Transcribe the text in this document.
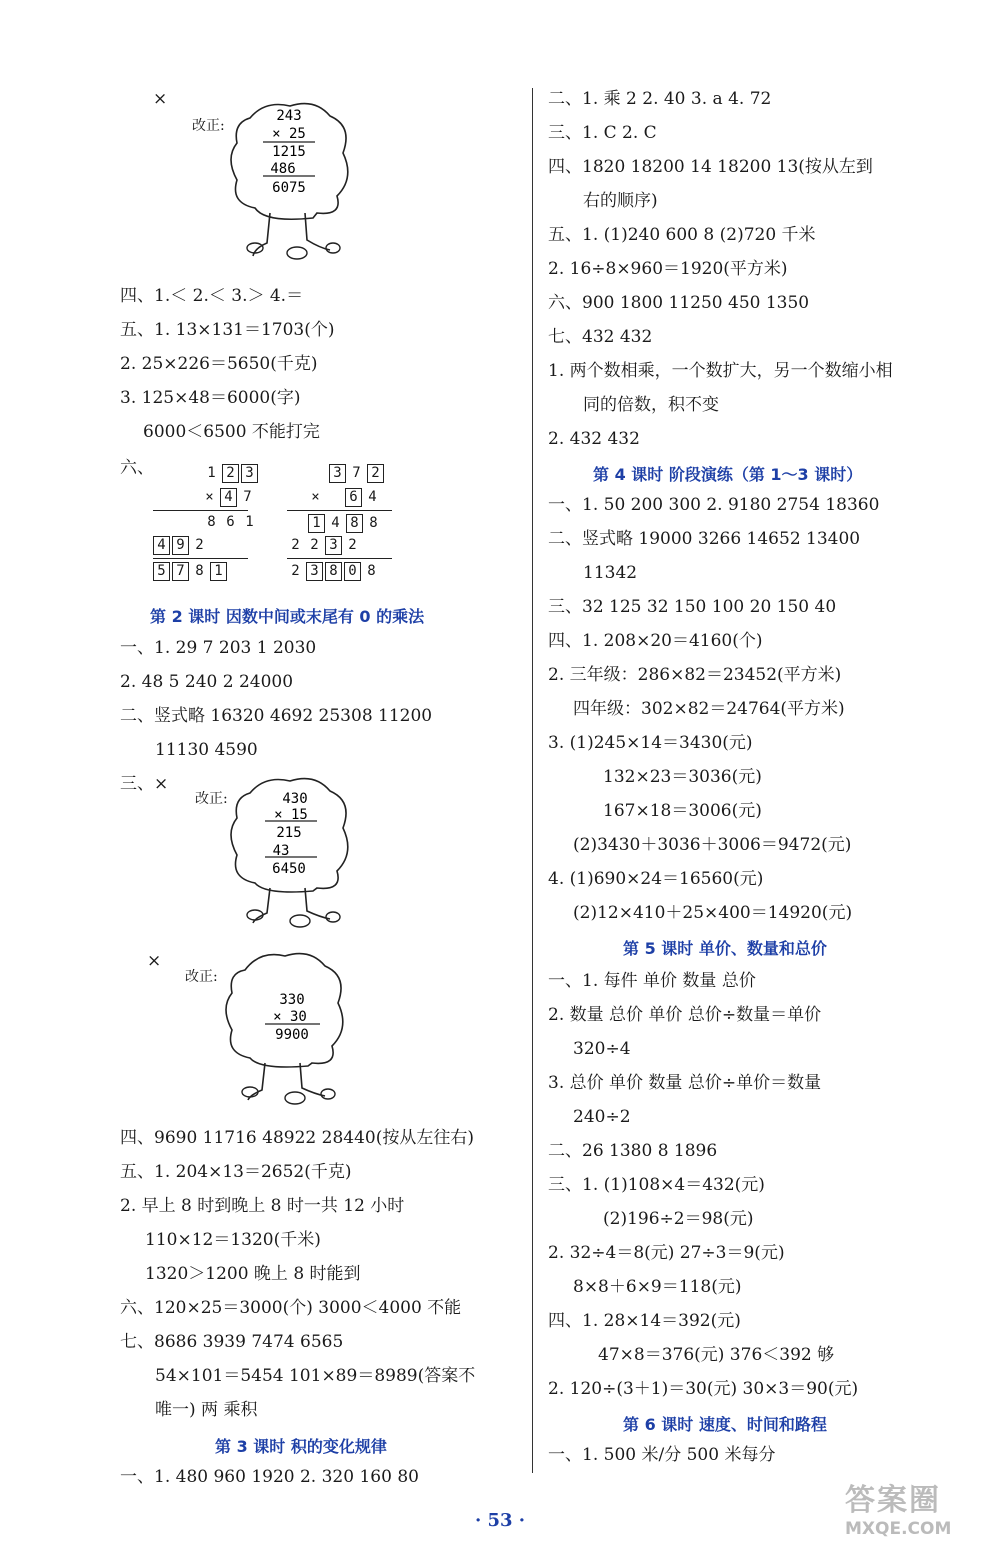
×
改正:
243
× 25
1215
486
6075
四、1.＜ 2.＜ 3.＞ 4.＝
五、1. 13×131＝1703(个)
2. 25×226＝5650(千克)
3. 125×48＝6000(字)
6000＜6500 不能打完
六、	1 2 3
× 4 7
8 6 1
4 9 2
5 7 8 1
3 7 2
× 6 4
1 4 8 8
2 2 3 2
2 3 8 0 8
第 2 课时 因数中间或末尾有 0 的乘法
一、1. 29 7 203 1 2030
2. 48 5 240 2 24000
二、竖式略 16320 4692 25308 11200
11130 4590
三、×
改正:	430
× 15
215
43
6450
×
改正:
330
× 30
9900
四、9690 11716 48922 28440(按从左往右)
五、1. 204×13＝2652(千克)
2. 早上 8 时到晚上 8 时一共 12 小时
110×12＝1320(千米)
1320＞1200 晚上 8 时能到
六、120×25＝3000(个) 3000＜4000 不能
七、8686 3939 7474 6565
54×101＝5454 101×89＝8989(答案不
唯一) 两 乘积
第 3 课时 积的变化规律
一、1. 480 960 1920 2. 320 160 80
二、1. 乘 2 2. 40 3. a 4. 72
三、1. C 2. C
四、1820 18200 14 18200 13(按从左到
右的顺序)
五、1. (1)240 600 8 (2)720 千米
2. 16÷8×960＝1920(平方米)
六、900 1800 11250 450 1350
七、432 432
1. 两个数相乘，一个数扩大，另一个数缩小相
同的倍数，积不变
2. 432 432
第 4 课时 阶段演练（第 1～3 课时）
一、1. 50 200 300 2. 9180 2754 18360
二、竖式略 19000 3266 14652 13400
11342
三、32 125 32 150 100 20 150 40
四、1. 208×20＝4160(个)
2. 三年级：286×82＝23452(平方米)
四年级：302×82＝24764(平方米)
3. (1)245×14＝3430(元)
132×23＝3036(元)
167×18＝3006(元)
(2)3430＋3036＋3006＝9472(元)
4. (1)690×24＝16560(元)
(2)12×410＋25×400＝14920(元)
第 5 课时 单价、数量和总价
一、1. 每件 单价 数量 总价
2. 数量 总价 单价 总价÷数量＝单价
320÷4
3. 总价 单价 数量 总价÷单价＝数量
240÷2
二、26 1380 8 1896
三、1. (1)108×4＝432(元)
(2)196÷2＝98(元)
2. 32÷4＝8(元) 27÷3＝9(元)
8×8＋6×9＝118(元)
四、1. 28×14＝392(元)
47×8＝376(元) 376＜392 够
2. 120÷(3＋1)＝30(元) 30×3＝90(元)
第 6 课时 速度、时间和路程
一、1. 500 米/分 500 米每分
· 53 ·
答案圈
MXQE.COM
